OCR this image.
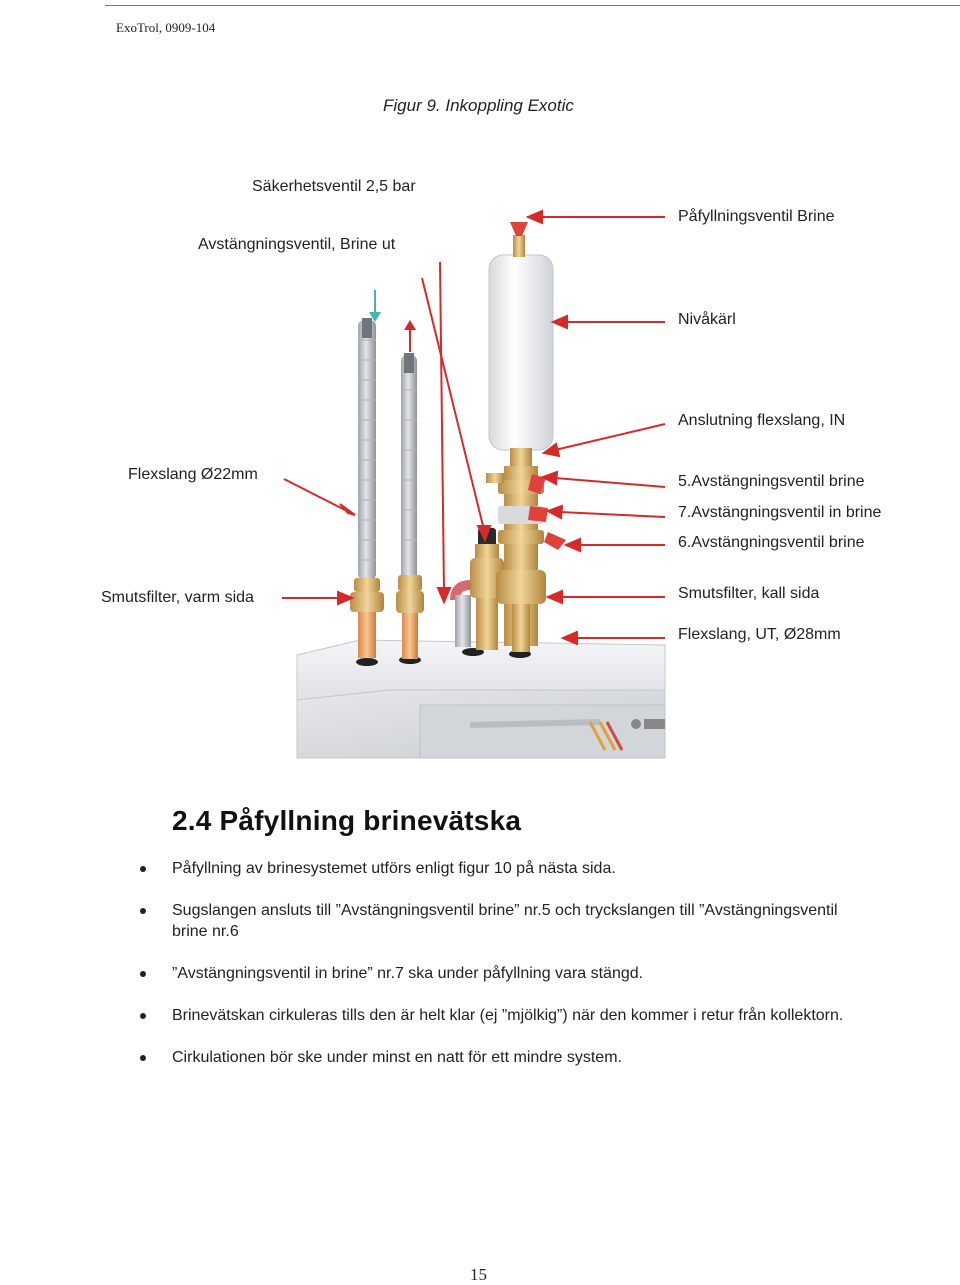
ExoTrol, 0909-104
Figur 9. Inkoppling Exotic
Säkerhetsventil 2,5 bar
Avstängningsventil, Brine ut
Påfyllningsventil Brine
Nivåkärl
Anslutning flexslang, IN
Flexslang Ø22mm	5.Avstängningsventil brine
7.Avstängningsventil in brine
6.Avstängningsventil brine
Smutsfilter, varm sida	Smutsfilter, kall sida
Flexslang, UT, Ø28mm
2.4 Påfyllning brinevätska
Påfyllning av brinesystemet utförs enligt figur 10 på nästa sida.
Sugslangen ansluts till ”Avstängningsventil brine” nr.5 och tryckslangen till ”Avstängningsventil brine nr.6
”Avstängningsventil in brine” nr.7 ska under påfyllning vara stängd.
Brinevätskan cirkuleras tills den är helt klar (ej ”mjölkig”) när den kommer i retur från kollektorn.
Cirkulationen bör ske under minst en natt för ett mindre system.
15
